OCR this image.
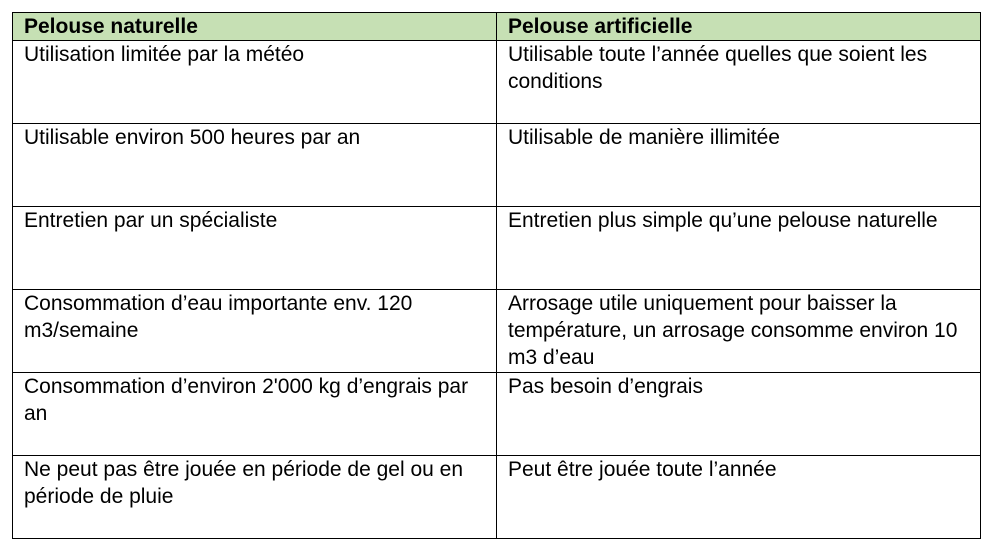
Pelouse naturelle	Pelouse artificielle
Utilisation limitée par la météo	Utilisable toute l’année quelles que soient les conditions
Utilisable environ 500 heures par an	Utilisable de manière illimitée
Entretien par un spécialiste	Entretien plus simple qu’une pelouse naturelle
Consommation d’eau importante env. 120 m3/semaine	Arrosage utile uniquement pour baisser la température, un arrosage consomme environ 10 m3 d’eau
Consommation d’environ 2'000 kg d’engrais par an	Pas besoin d’engrais
Ne peut pas être jouée en période de gel ou en période de pluie	Peut être jouée toute l’année
